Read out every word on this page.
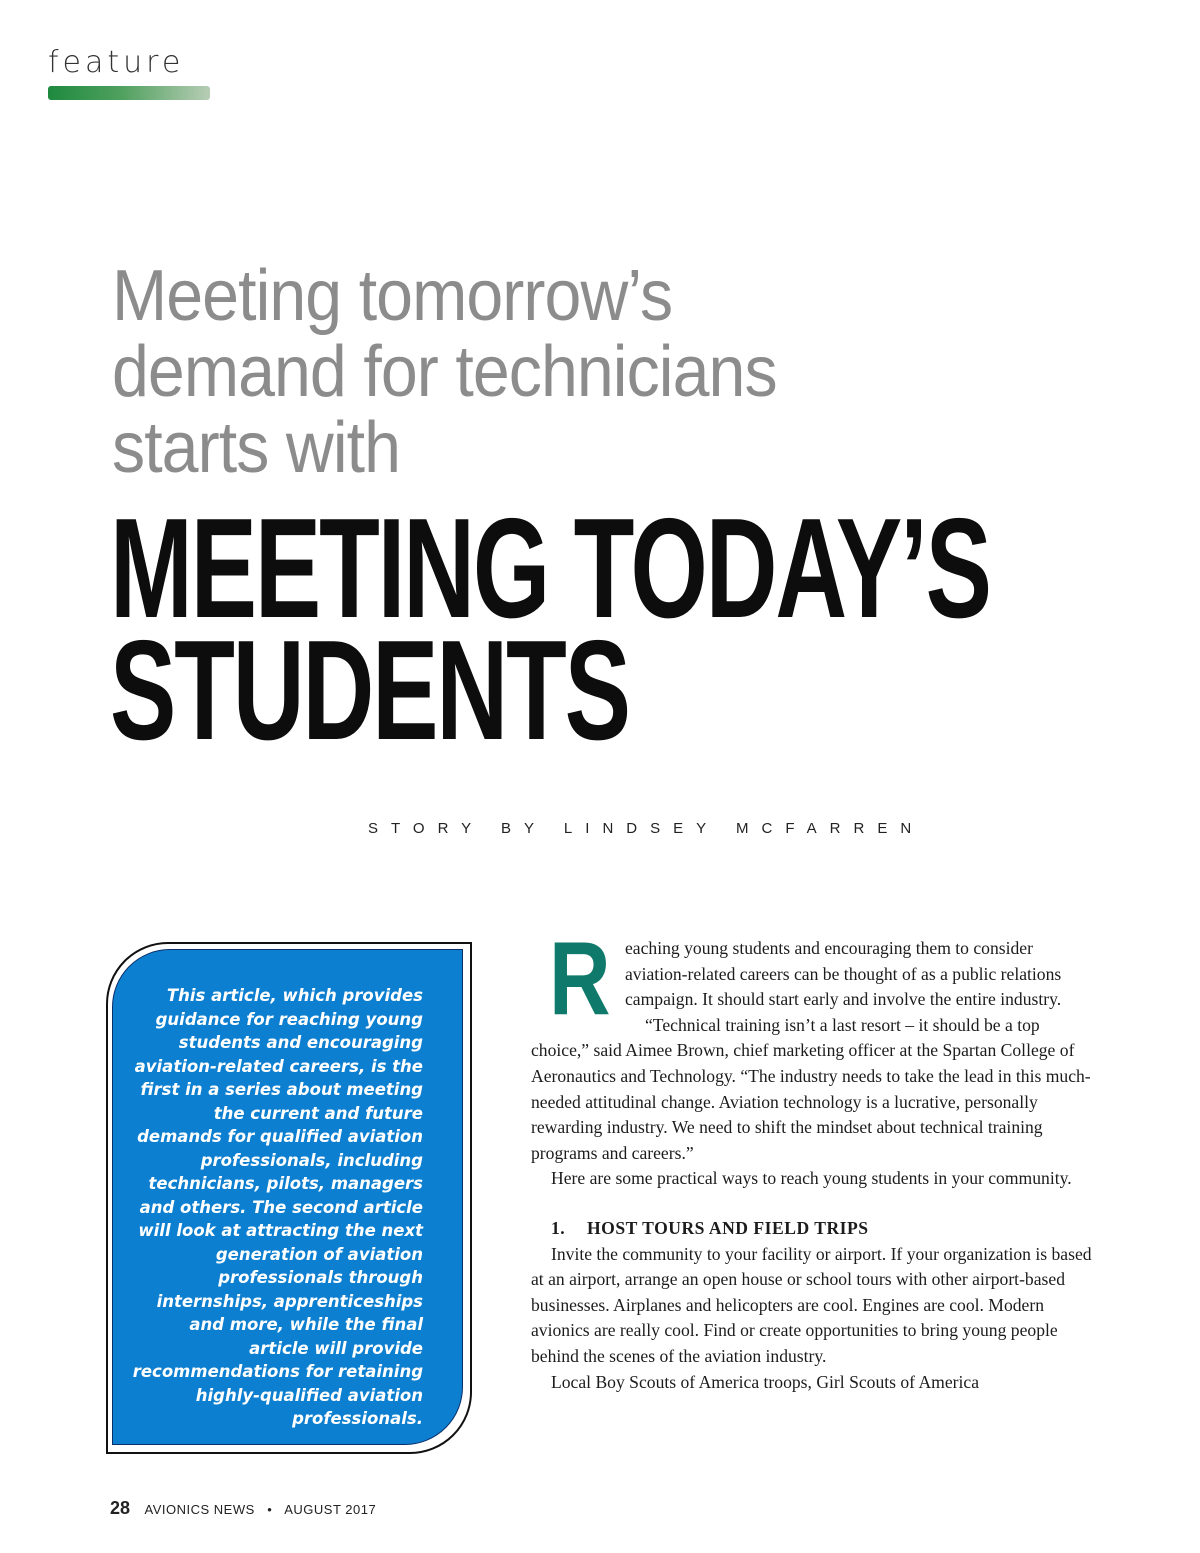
feature
Meeting tomorrow’s
demand for technicians
starts with
MEETING TODAY’S
STUDENTS
STORY BY LINDSEY MCFARREN
This article, which provides guidance for reaching young students and encouraging aviation-related careers, is the first in a series about meeting the current and future demands for qualified aviation professionals, including technicians, pilots, managers and others. The second article will look at attracting the next generation of aviation professionals through internships, apprenticeships and more, while the final article will provide recommendations for retaining highly-qualified aviation professionals.
R eaching young students and encouraging them to consider aviation-related careers can be thought of as a public relations campaign. It should start early and involve the entire industry.

“Technical training isn’t a last resort – it should be a top choice,” said Aimee Brown, chief marketing officer at the Spartan College of Aeronautics and Technology. “The industry needs to take the lead in this much-needed attitudinal change. Aviation technology is a lucrative, personally rewarding industry. We need to shift the mindset about technical training programs and careers.”

Here are some practical ways to reach young students in your community.

1. HOST TOURS AND FIELD TRIPS

Invite the community to your facility or airport. If your organization is based at an airport, arrange an open house or school tours with other airport-based businesses. Airplanes and helicopters are cool. Engines are cool. Modern avionics are really cool. Find or create opportunities to bring young people behind the scenes of the aviation industry.

Local Boy Scouts of America troops, Girl Scouts of America

28 AVIONICS NEWS • AUGUST 2017
